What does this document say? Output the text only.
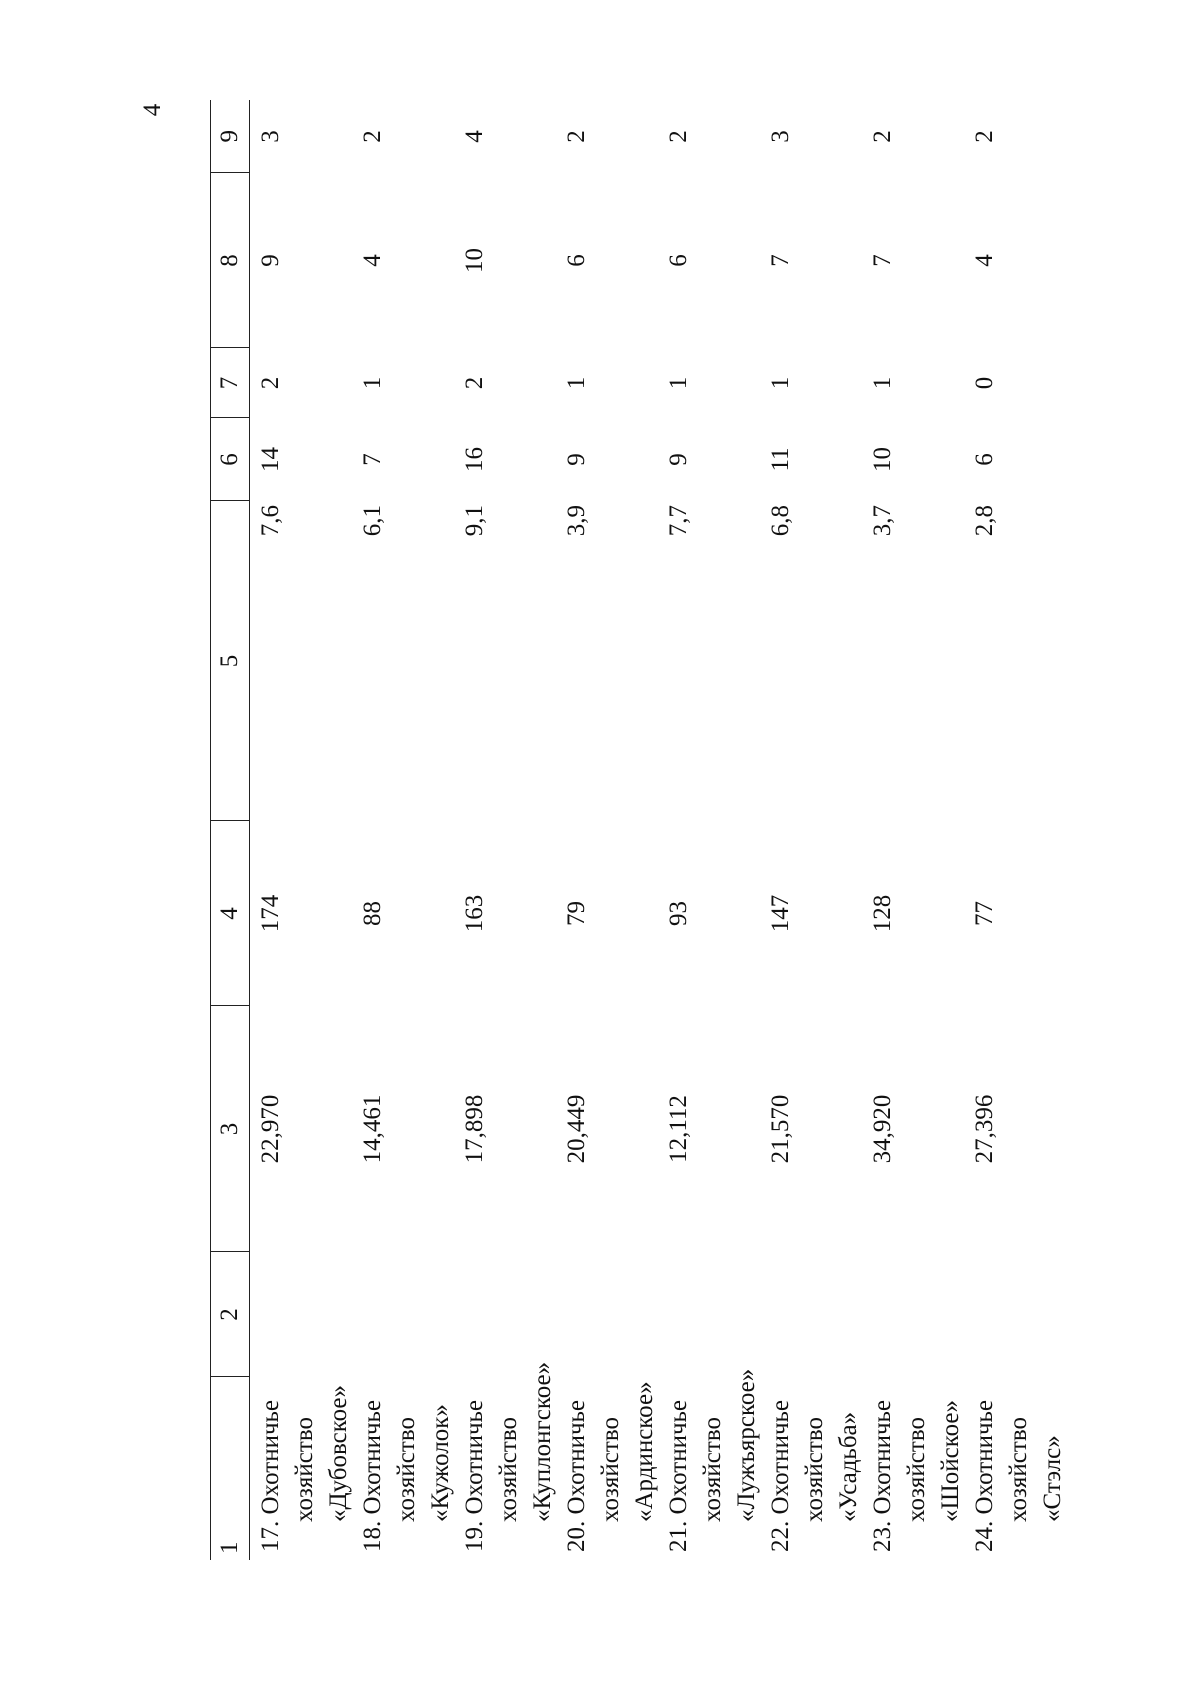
4
1	2	3	4	5	6	7	8	9

17. Охотничье хозяйство «Дубовское»		22,970	174	7,6	14	2	9	3

18. Охотничье хозяйство «Кужолок»		14,461	88	6,1	7	1	4	2

19. Охотничье хозяйство «Куплонгское»		17,898	163	9,1	16	2	10	4

20. Охотничье хозяйство «Ардинское»		20,449	79	3,9	9	1	6	2

21. Охотничье хозяйство «Лужъярское»		12,112	93	7,7	9	1	6	2

22. Охотничье хозяйство «Усадьба»		21,570	147	6,8	11	1	7	3

23. Охотничье хозяйство «Шойское»		34,920	128	3,7	10	1	7	2

24. Охотничье хозяйство «Стэлс»		27,396	77	2,8	6	0	4	2
